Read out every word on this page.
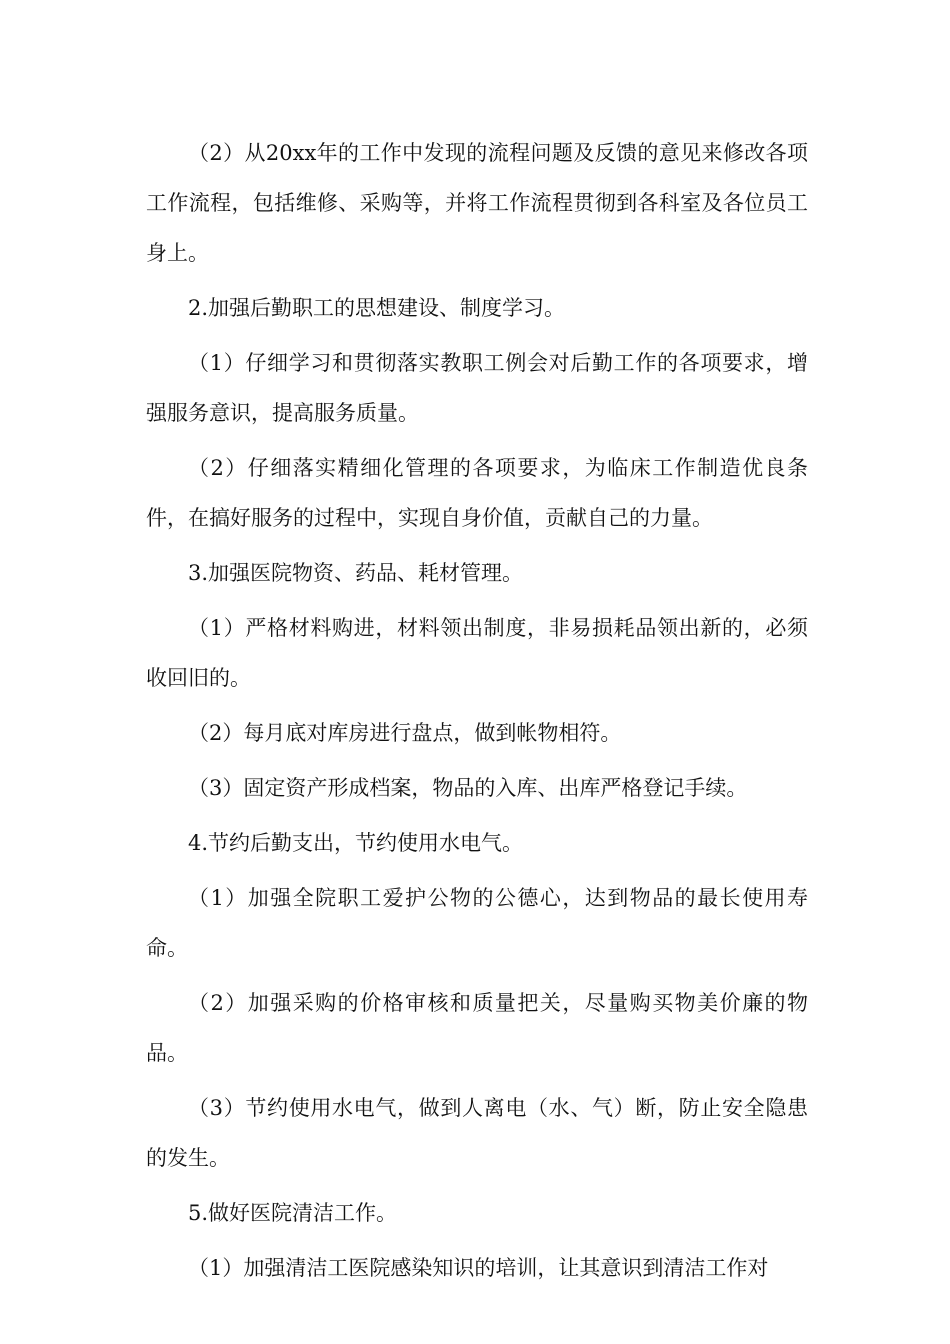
（2）从20xx年的工作中发现的流程问题及反馈的意见来修改各项工作流程，包括维修、采购等，并将工作流程贯彻到各科室及各位员工身上。

2.加强后勤职工的思想建设、制度学习。

（1）仔细学习和贯彻落实教职工例会对后勤工作的各项要求，增强服务意识，提高服务质量。

（2）仔细落实精细化管理的各项要求，为临床工作制造优良条件，在搞好服务的过程中，实现自身价值，贡献自己的力量。

3.加强医院物资、药品、耗材管理。

（1）严格材料购进，材料领出制度，非易损耗品领出新的，必须收回旧的。

（2）每月底对库房进行盘点，做到帐物相符。

（3）固定资产形成档案，物品的入库、出库严格登记手续。

4.节约后勤支出，节约使用水电气。

（1）加强全院职工爱护公物的公德心，达到物品的最长使用寿命。

（2）加强采购的价格审核和质量把关，尽量购买物美价廉的物品。

（3）节约使用水电气，做到人离电（水、气）断，防止安全隐患的发生。

5.做好医院清洁工作。

（1）加强清洁工医院感染知识的培训，让其意识到清洁工作对
